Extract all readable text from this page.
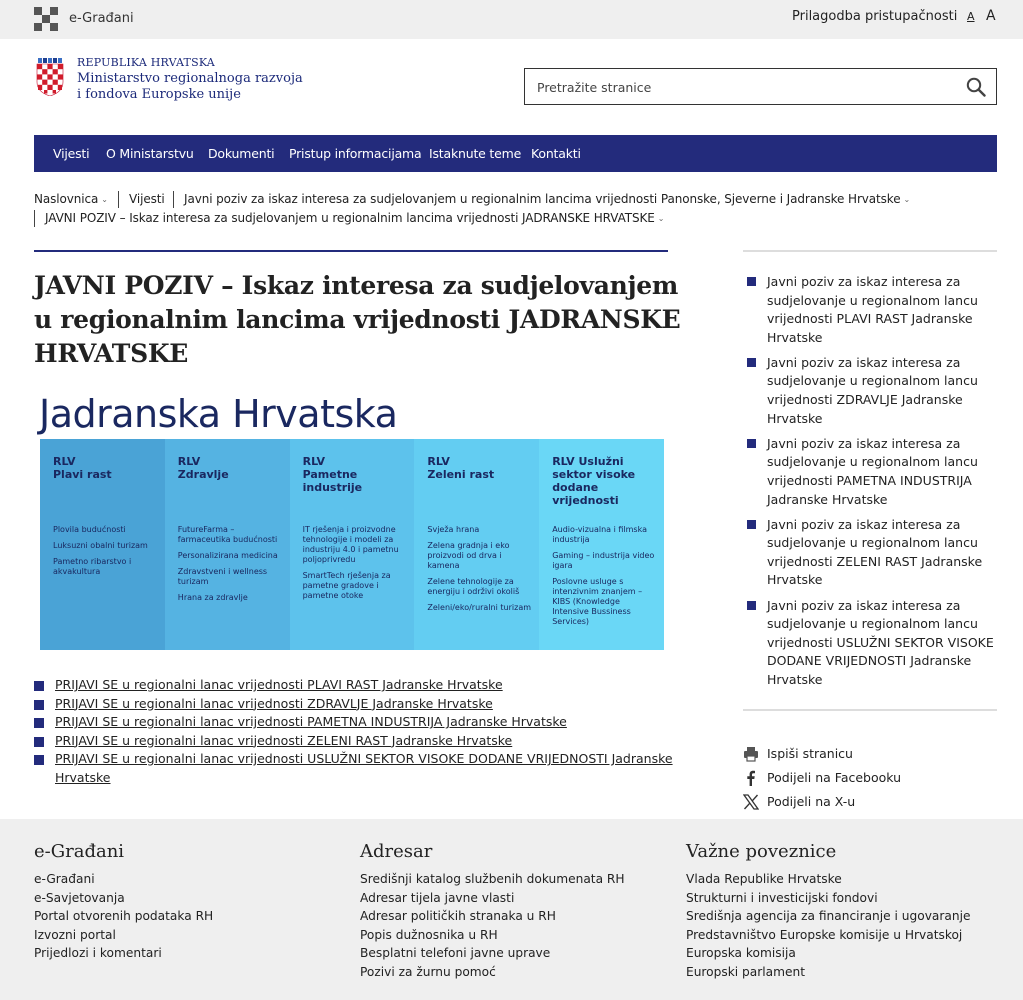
e-Građani	Prilagodba pristupačnosti A A
REPUBLIKA HRVATSKA
Ministarstvo regionalnoga razvoja
i fondova Europske unije
Pretražite stranice
Vijesti O Ministarstvu Dokumenti Pristup informacijama Istaknute teme Kontakti
Naslovnica ⌄ Vijesti Javni poziv za iskaz interesa za sudjelovanjem u regionalnim lancima vrijednosti Panonske, Sjeverne i Jadranske Hrvatske ⌄
JAVNI POZIV – Iskaz interesa za sudjelovanjem u regionalnim lancima vrijednosti JADRANSKE HRVATSKE ⌄
JAVNI POZIV – Iskaz interesa za sudjelovanjem u regionalnim lancima vrijednosti JADRANSKE HRVATSKE
Jadranska Hrvatska
RLV
Plavi rast
Plovila budućnosti
Luksuzni obalni turizam
Pametno ribarstvo i akvakultura
RLV
Zdravlje
FutureFarma – farmaceutika budućnosti
Personalizirana medicina
Zdravstveni i wellness turizam
Hrana za zdravlje
RLV
Pametne industrije
IT rješenja i proizvodne tehnologije i modeli za industriju 4.0 i pametnu poljoprivredu
SmartTech rješenja za pametne gradove i pametne otoke
RLV
Zeleni rast
Svježa hrana
Zelena gradnja i eko proizvodi od drva i kamena
Zelene tehnologije za energiju i održivi okoliš
Zeleni/eko/ruralni turizam
RLV Uslužni sektor visoke dodane vrijednosti
Audio-vizualna i filmska industrija
Gaming – industrija video igara
Poslovne usluge s intenzivnim znanjem – KIBS (Knowledge Intensive Bussiness Services)
PRIJAVI SE u regionalni lanac vrijednosti PLAVI RAST Jadranske Hrvatske
PRIJAVI SE u regionalni lanac vrijednosti ZDRAVLJE Jadranske Hrvatske
PRIJAVI SE u regionalni lanac vrijednosti PAMETNA INDUSTRIJA Jadranske Hrvatske
PRIJAVI SE u regionalni lanac vrijednosti ZELENI RAST Jadranske Hrvatske
PRIJAVI SE u regionalni lanac vrijednosti USLUŽNI SEKTOR VISOKE DODANE VRIJEDNOSTI Jadranske Hrvatske
Javni poziv za iskaz interesa za sudjelovanje u regionalnom lancu vrijednosti PLAVI RAST Jadranske Hrvatske
Javni poziv za iskaz interesa za sudjelovanje u regionalnom lancu vrijednosti ZDRAVLJE Jadranske Hrvatske
Javni poziv za iskaz interesa za sudjelovanje u regionalnom lancu vrijednosti PAMETNA INDUSTRIJA Jadranske Hrvatske
Javni poziv za iskaz interesa za sudjelovanje u regionalnom lancu vrijednosti ZELENI RAST Jadranske Hrvatske
Javni poziv za iskaz interesa za sudjelovanje u regionalnom lancu vrijednosti USLUŽNI SEKTOR VISOKE DODANE VRIJEDNOSTI Jadranske Hrvatske
Ispiši stranicu
Podijeli na Facebooku
Podijeli na X-u
e-Građani
e-Građani
e-Savjetovanja
Portal otvorenih podataka RH
Izvozni portal
Prijedlozi i komentari
Adresar
Središnji katalog službenih dokumenata RH
Adresar tijela javne vlasti
Adresar političkih stranaka u RH
Popis dužnosnika u RH
Besplatni telefoni javne uprave
Pozivi za žurnu pomoć
Važne poveznice
Vlada Republike Hrvatske
Strukturni i investicijski fondovi
Središnja agencija za financiranje i ugovaranje
Predstavništvo Europske komisije u Hrvatskoj
Europska komisija
Europski parlament
